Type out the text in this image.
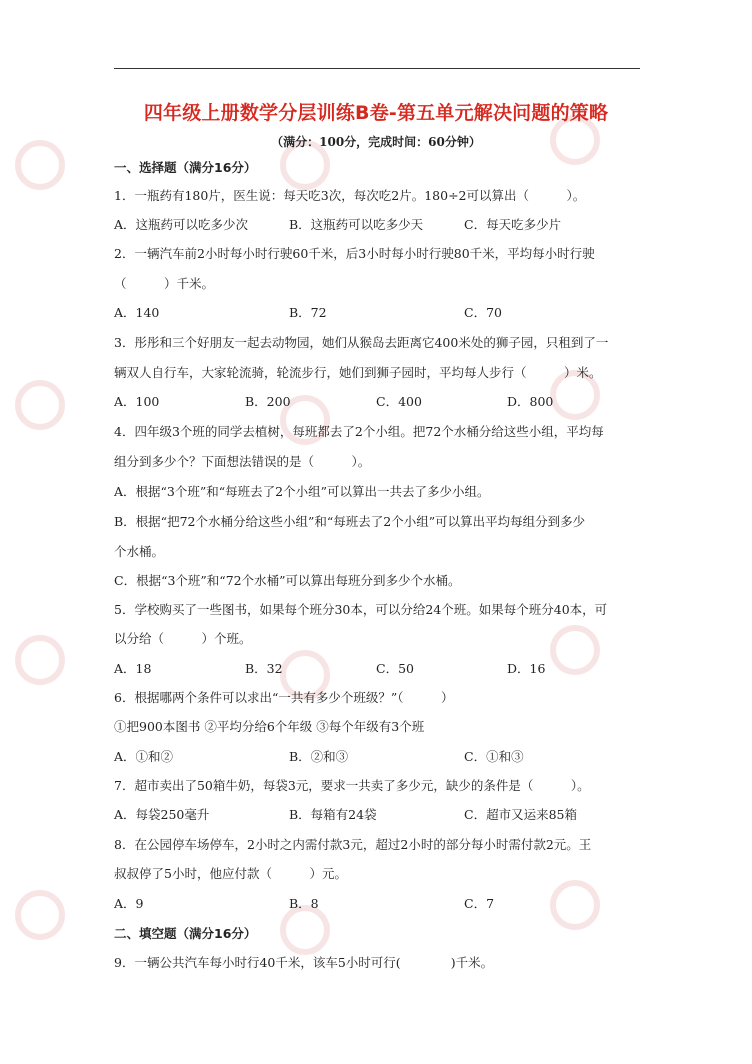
四年级上册数学分层训练B卷-第五单元解决问题的策略
（满分：100分，完成时间：60分钟）
一、选择题（满分16分）
1．一瓶药有180片，医生说：每天吃3次，每次吃2片。180÷2可以算出（　　　）。
A．这瓶药可以吃多少次	B．这瓶药可以吃多少天	C．每天吃多少片
2．一辆汽车前2小时每小时行驶60千米，后3小时每小时行驶80千米，平均每小时行驶
（　　　）千米。
A．140	B．72	C．70
3．彤彤和三个好朋友一起去动物园，她们从猴岛去距离它400米处的狮子园，只租到了一
辆双人自行车，大家轮流骑，轮流步行，她们到狮子园时，平均每人步行（　　　）米。
A．100	B．200	C．400	D．800
4．四年级3个班的同学去植树，每班都去了2个小组。把72个水桶分给这些小组，平均每
组分到多少个？下面想法错误的是（　　　）。
A．根据“3个班”和“每班去了2个小组”可以算出一共去了多少小组。
B．根据“把72个水桶分给这些小组”和“每班去了2个小组”可以算出平均每组分到多少
个水桶。
C．根据“3个班”和“72个水桶”可以算出每班分到多少个水桶。
5．学校购买了一些图书，如果每个班分30本，可以分给24个班。如果每个班分40本，可
以分给（　　　）个班。
A．18	B．32	C．50	D．16
6．根据哪两个条件可以求出“一共有多少个班级？”（　　　）
①把900本图书 ②平均分给6个年级 ③每个年级有3个班
A．①和②	B．②和③	C．①和③
7．超市卖出了50箱牛奶，每袋3元，要求一共卖了多少元，缺少的条件是（　　　）。
A．每袋250毫升	B．每箱有24袋	C．超市又运来85箱
8．在公园停车场停车，2小时之内需付款3元，超过2小时的部分每小时需付款2元。王
叔叔停了5小时，他应付款（　　　）元。
A．9	B．8	C．7
二、填空题（满分16分）
9．一辆公共汽车每小时行40千米，该车5小时可行(　　　　)千米。
